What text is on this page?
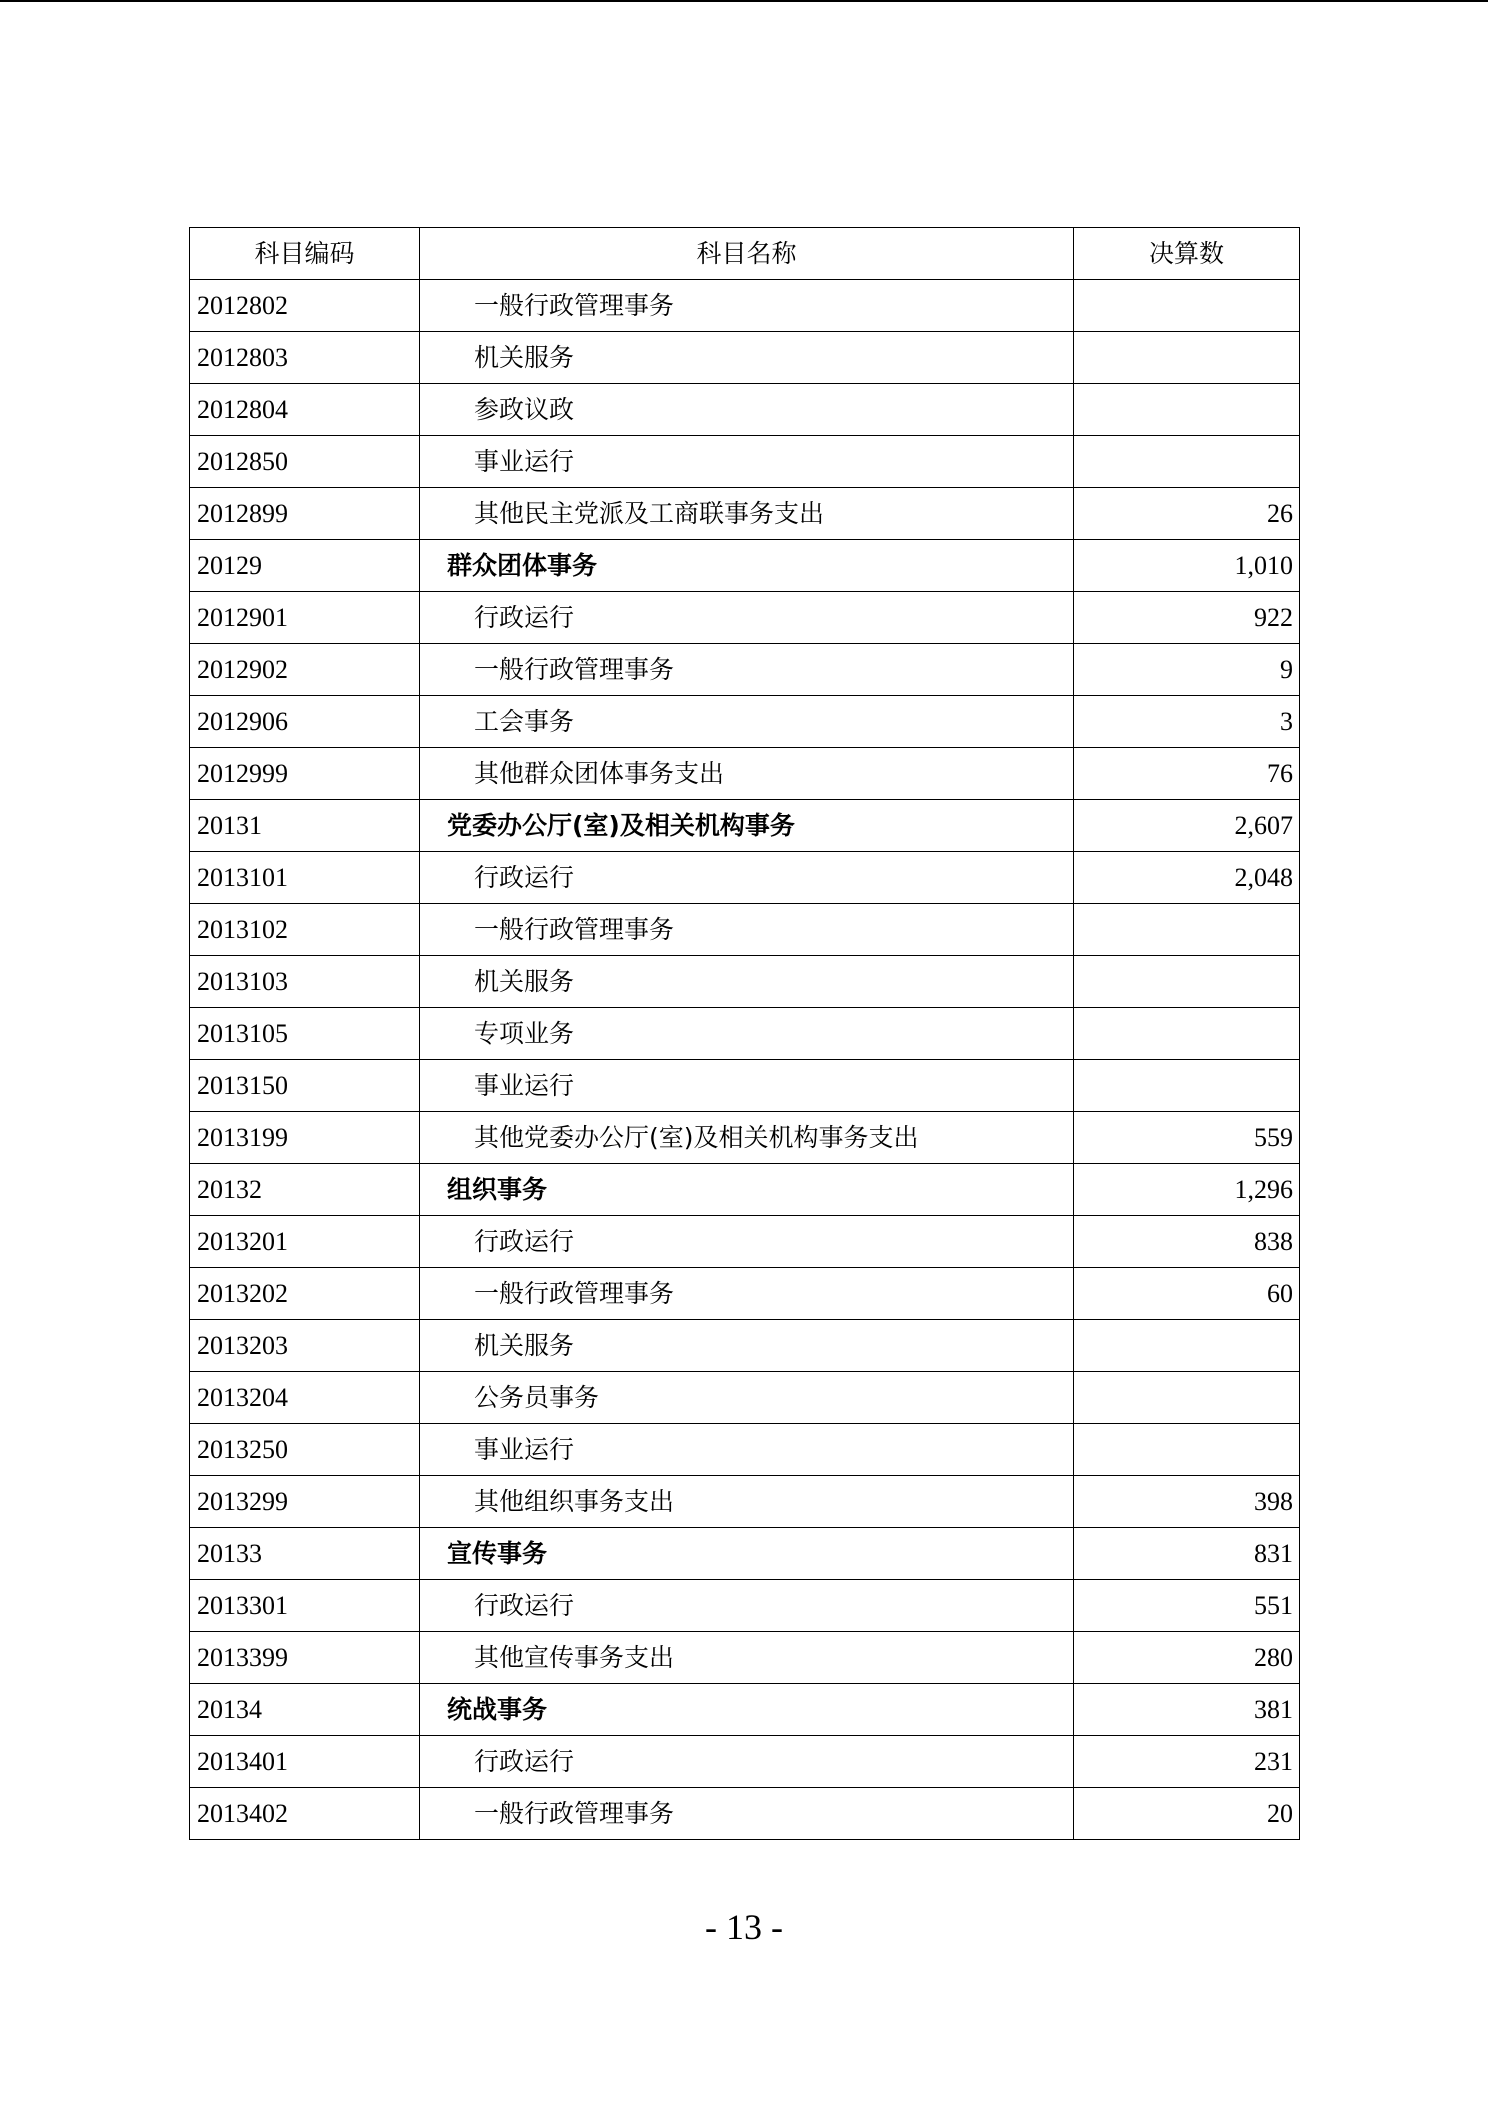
科目编码	科目名称	决算数
2012802	一般行政管理事务	
2012803	机关服务	
2012804	参政议政	
2012850	事业运行	
2012899	其他民主党派及工商联事务支出	26
20129	群众团体事务	1,010
2012901	行政运行	922
2012902	一般行政管理事务	9
2012906	工会事务	3
2012999	其他群众团体事务支出	76
20131	党委办公厅(室)及相关机构事务	2,607
2013101	行政运行	2,048
2013102	一般行政管理事务	
2013103	机关服务	
2013105	专项业务	
2013150	事业运行	
2013199	其他党委办公厅(室)及相关机构事务支出	559
20132	组织事务	1,296
2013201	行政运行	838
2013202	一般行政管理事务	60
2013203	机关服务	
2013204	公务员事务	
2013250	事业运行	
2013299	其他组织事务支出	398
20133	宣传事务	831
2013301	行政运行	551
2013399	其他宣传事务支出	280
20134	统战事务	381
2013401	行政运行	231
2013402	一般行政管理事务	20
- 13 -
